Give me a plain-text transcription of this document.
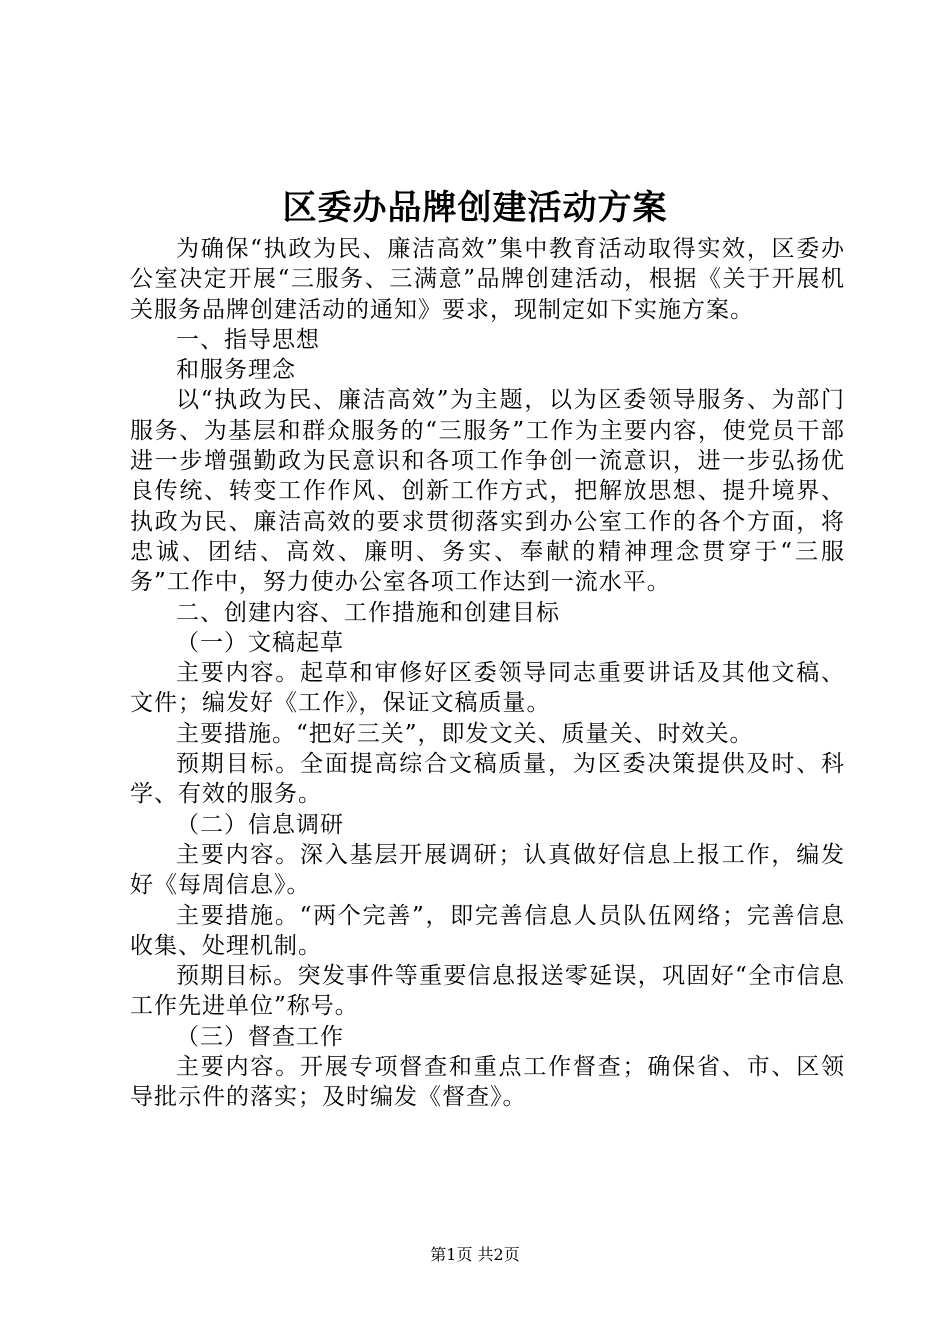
区委办品牌创建活动方案

为确保“执政为民、廉洁高效”集中教育活动取得实效，区委办公室决定开展“三服务、三满意”品牌创建活动，根据《关于开展机关服务品牌创建活动的通知》要求，现制定如下实施方案。

一、指导思想

和服务理念

以“执政为民、廉洁高效”为主题，以为区委领导服务、为部门服务、为基层和群众服务的“三服务”工作为主要内容，使党员干部进一步增强勤政为民意识和各项工作争创一流意识，进一步弘扬优良传统、转变工作作风、创新工作方式，把解放思想、提升境界、执政为民、廉洁高效的要求贯彻落实到办公室工作的各个方面，将忠诚、团结、高效、廉明、务实、奉献的精神理念贯穿于“三服务”工作中，努力使办公室各项工作达到一流水平。

二、创建内容、工作措施和创建目标

（一）文稿起草

主要内容。起草和审修好区委领导同志重要讲话及其他文稿、文件；编发好《工作》，保证文稿质量。

主要措施。“把好三关”，即发文关、质量关、时效关。

预期目标。全面提高综合文稿质量，为区委决策提供及时、科学、有效的服务。

（二）信息调研

主要内容。深入基层开展调研；认真做好信息上报工作，编发好《每周信息》。

主要措施。“两个完善”，即完善信息人员队伍网络；完善信息收集、处理机制。

预期目标。突发事件等重要信息报送零延误，巩固好“全市信息工作先进单位”称号。

（三）督查工作

主要内容。开展专项督查和重点工作督查；确保省、市、区领导批示件的落实；及时编发《督查》。

第1页 共2页
